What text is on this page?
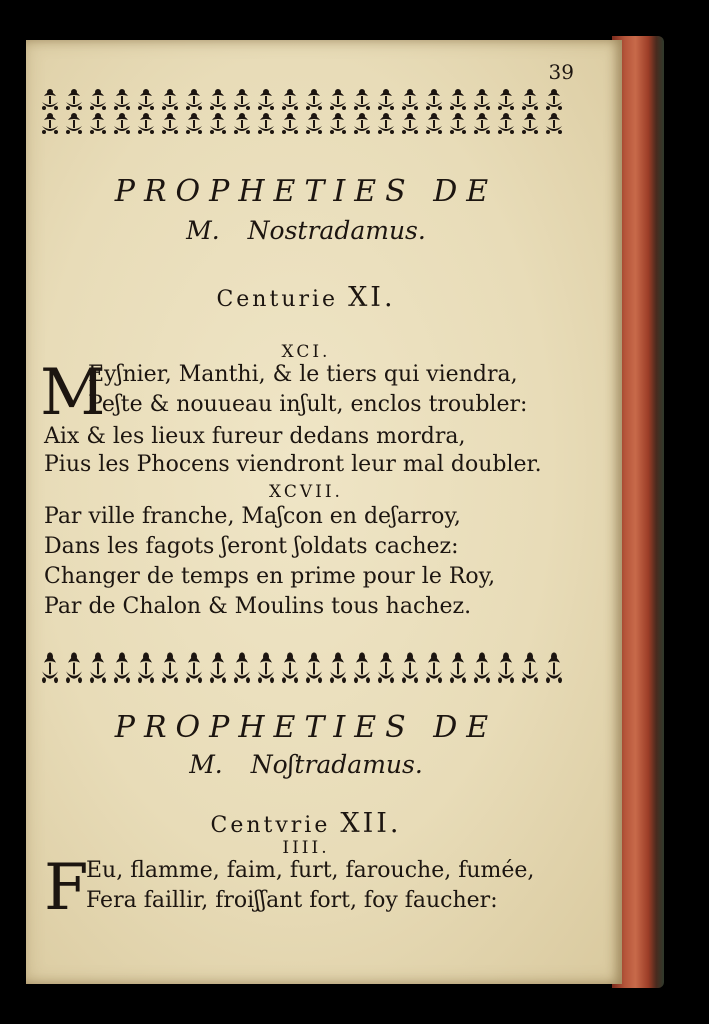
39
PROPHETIES DE
M. Nostradamus.
Centurie XI.
XCI.
M
Eyʃnier, Manthi, & le tiers qui viendra,
Peʃte & nouueau inʃult, enclos troubler:
Aix & les lieux fureur dedans mordra,
Pius les Phocens viendront leur mal doubler.
XCVII.
Par ville franche, Maʃcon en deʃarroy,
Dans les fagots ʃeront ʃoldats cachez:
Changer de temps en prime pour le Roy,
Par de Chalon & Moulins tous hachez.
PROPHETIES DE
M. Noʃtradamus.
Centvrie XII.
IIII.
F
Eu, flamme, faim, furt, farouche, fumée,
Fera faillir, froiʃʃant fort, foy faucher:
